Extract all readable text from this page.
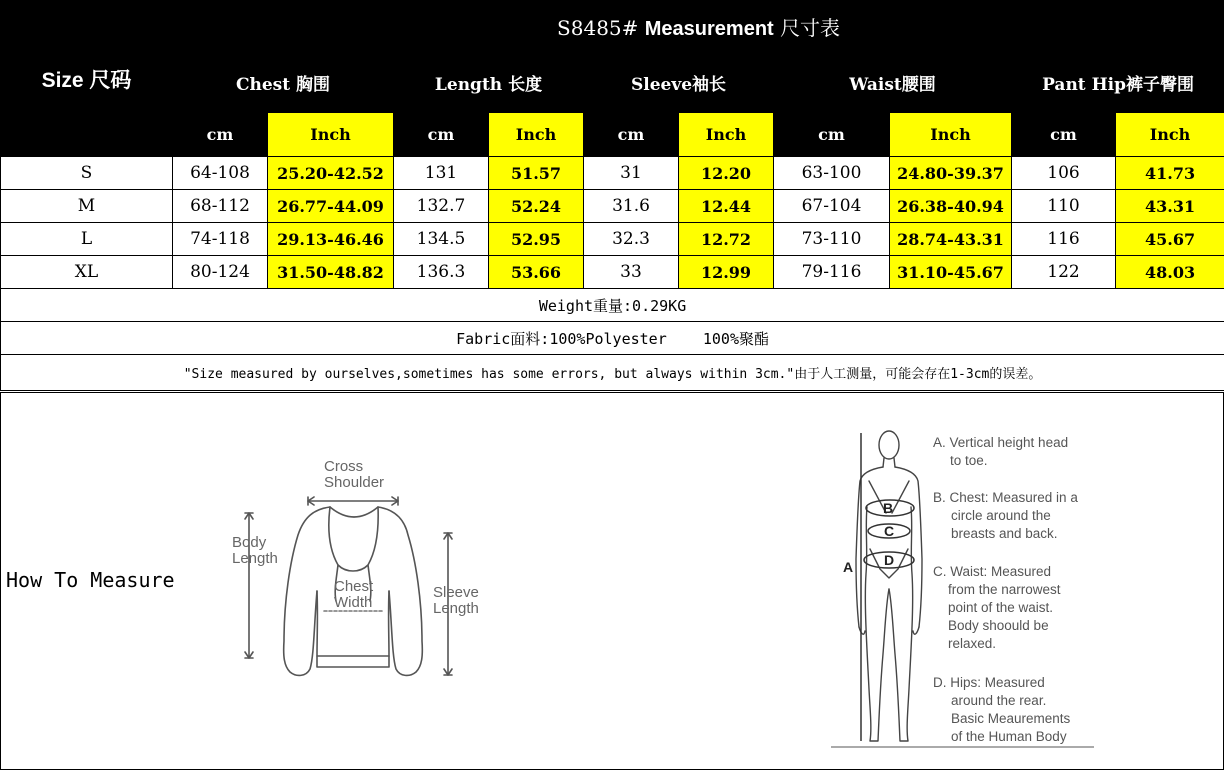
Size 尺码	S8485# Measurement 尺寸表									
	Chest 胸围		Length 长度		Sleeve袖长		Waist腰围		Pant Hip裤子臀围	
	cm	Inch	cm	Inch	cm	Inch	cm	Inch	cm	Inch
S	64-108	25.20-42.52	131	51.57	31	12.20	63-100	24.80-39.37	106	41.73
M	68-112	26.77-44.09	132.7	52.24	31.6	12.44	67-104	26.38-40.94	110	43.31
L	74-118	29.13-46.46	134.5	52.95	32.3	12.72	73-110	28.74-43.31	116	45.67
XL	80-124	31.50-48.82	136.3	53.66	33	12.99	79-116	31.10-45.67	122	48.03
Weight重量:0.29KG										
Fabric面料:100%Polyester    100%聚酯										
"Size measured by ourselves,sometimes has some errors, but always within 3cm."由于人工测量，可能会存在1-3cm的误差。										
How To Measure
Cross
Shoulder
Body
Length
Chest
Width
Sleeve
Length
B
C
D
A
A. Vertical height head
to toe.
B. Chest: Measured in a
circle around the
breasts and back.
C. Waist: Measured
from the narrowest
point of the waist.
Body shoould be
relaxed.
D. Hips: Measured
around the rear.
Basic Meaurements
of the Human Body
